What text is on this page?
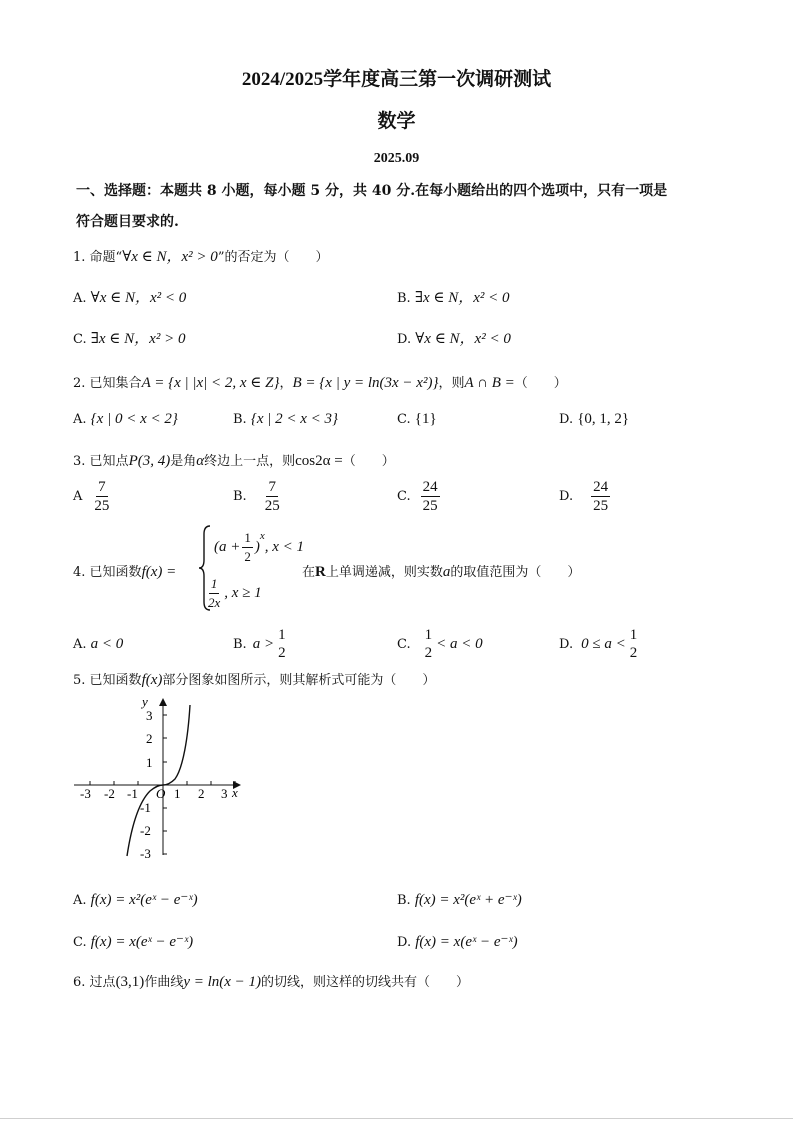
2024/2025学年度高三第一次调研测试
数学
2025.09
一、选择题：本题共 8 小题，每小题 5 分，共 40 分.在每小题给出的四个选项中，只有一项是
符合题目要求的.
1. 命题“∀x ∈ N，x² > 0”的否定为（　　）
A. ∀x ∈ N，x² < 0	B. ∃x ∈ N，x² < 0
C. ∃x ∈ N，x² > 0	D. ∀x ∈ N，x² < 0
2. 已知集合A = {x | |x| < 2, x ∈ Z}，B = {x | y = ln(3x − x²)}，则A ∩ B =（　　）
A. {x | 0 < x < 2}	B. {x | 2 < x < 3}	C. {1}	D. {0, 1, 2}
3. 已知点P(3, 4)是角α终边上一点，则cos2α =（　　）
A $\frac{7}{25}$	B. $\frac{7}{25}$	C. $\frac{24}{25}$	D. $\frac{24}{25}$
4. 已知函数f(x) =
($a + \frac{1}{2}$ )
$^x$
, x < 1
$\frac{1}{2x}$ , x ≥ 1
在R上单调递减，则实数a的取值范围为（　　）
A. a < 0	B. a >
1
2
C.
1
2
< a < 0	D. 0 ≤ a <
1
2
5. 已知函数f(x)部分图象如图所示，则其解析式可能为（　　）
-3 -2 -1	1 2 3
O	x
y
3
2
1
-1
-2
-3
A. f(x) = x²(eˣ − e⁻ˣ)	B. f(x) = x²(eˣ + e⁻ˣ)
C. f(x) = x(eˣ − e⁻ˣ)	D. f(x) = x(eˣ − e⁻ˣ)
6. 过点(3,1)作曲线y = ln(x − 1)的切线，则这样的切线共有（　　）
